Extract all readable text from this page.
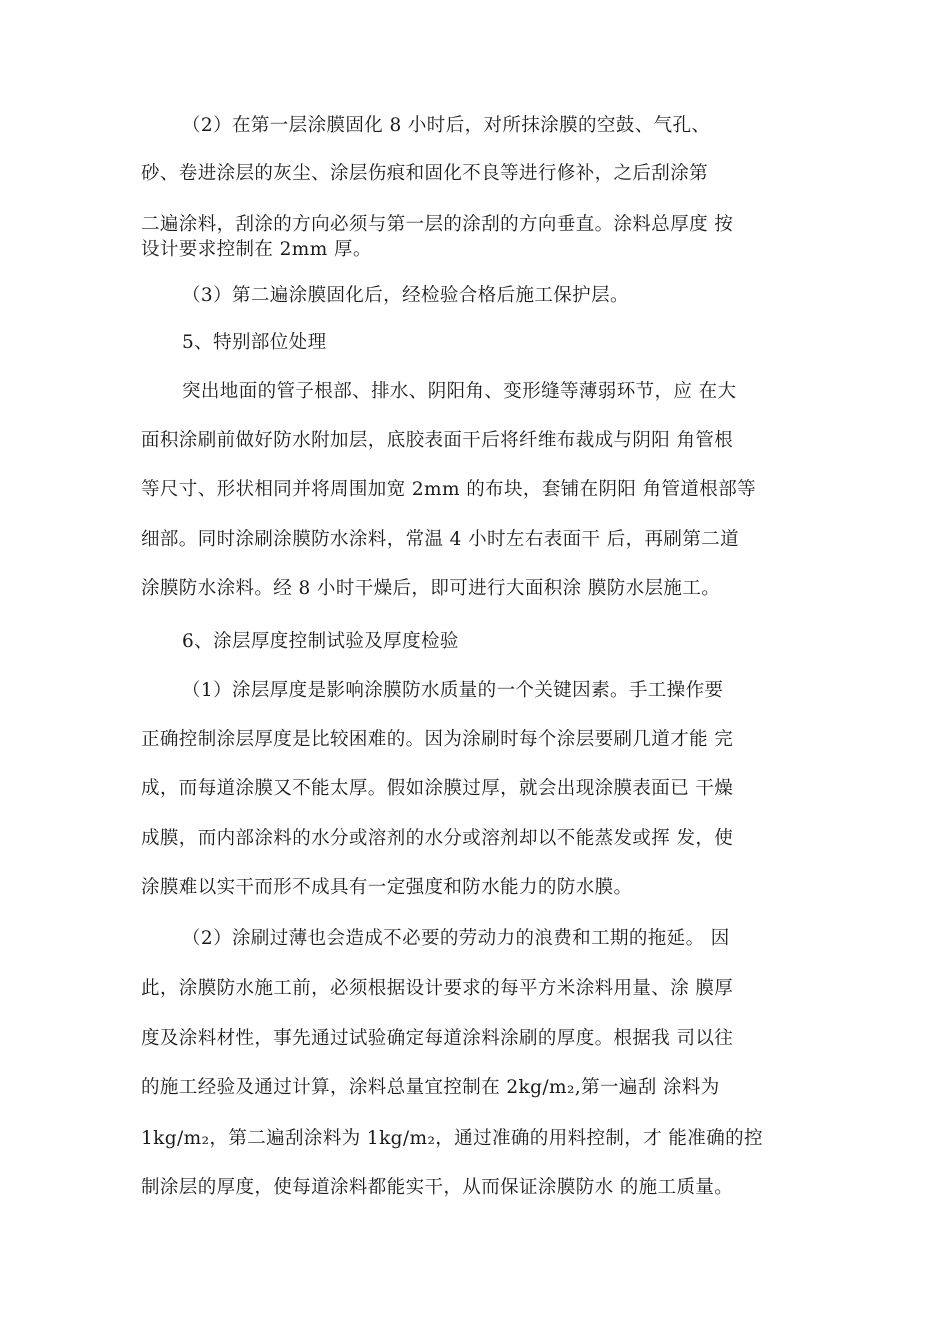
（2）在第一层涂膜固化 8 小时后，对所抹涂膜的空鼓、气孔、
砂、卷进涂层的灰尘、涂层伤痕和固化不良等进行修补，之后刮涂第
二遍涂料，刮涂的方向必须与第一层的涂刮的方向垂直。涂料总厚度 按
设计要求控制在 2mm 厚。
（3）第二遍涂膜固化后，经检验合格后施工保护层。
5、特别部位处理
突出地面的管子根部、排水、阴阳角、变形缝等薄弱环节，应 在大
面积涂刷前做好防水附加层，底胶表面干后将纤维布裁成与阴阳 角管根
等尺寸、形状相同并将周围加宽 2mm 的布块，套铺在阴阳 角管道根部等
细部。同时涂刷涂膜防水涂料，常温 4 小时左右表面干 后，再刷第二道
涂膜防水涂料。经 8 小时干燥后，即可进行大面积涂 膜防水层施工。
6、涂层厚度控制试验及厚度检验
（1）涂层厚度是影响涂膜防水质量的一个关键因素。手工操作要
正确控制涂层厚度是比较困难的。因为涂刷时每个涂层要刷几道才能 完
成，而每道涂膜又不能太厚。假如涂膜过厚，就会出现涂膜表面已 干燥
成膜，而内部涂料的水分或溶剂的水分或溶剂却以不能蒸发或挥 发，使
涂膜难以实干而形不成具有一定强度和防水能力的防水膜。
（2）涂刷过薄也会造成不必要的劳动力的浪费和工期的拖延。 因
此，涂膜防水施工前，必须根据设计要求的每平方米涂料用量、涂 膜厚
度及涂料材性，事先通过试验确定每道涂料涂刷的厚度。根据我 司以往
的施工经验及通过计算，涂料总量宜控制在 2kg/m₂,第一遍刮 涂料为
1kg/m₂，第二遍刮涂料为 1kg/m₂，通过准确的用料控制，才 能准确的控
制涂层的厚度，使每道涂料都能实干，从而保证涂膜防水 的施工质量。
